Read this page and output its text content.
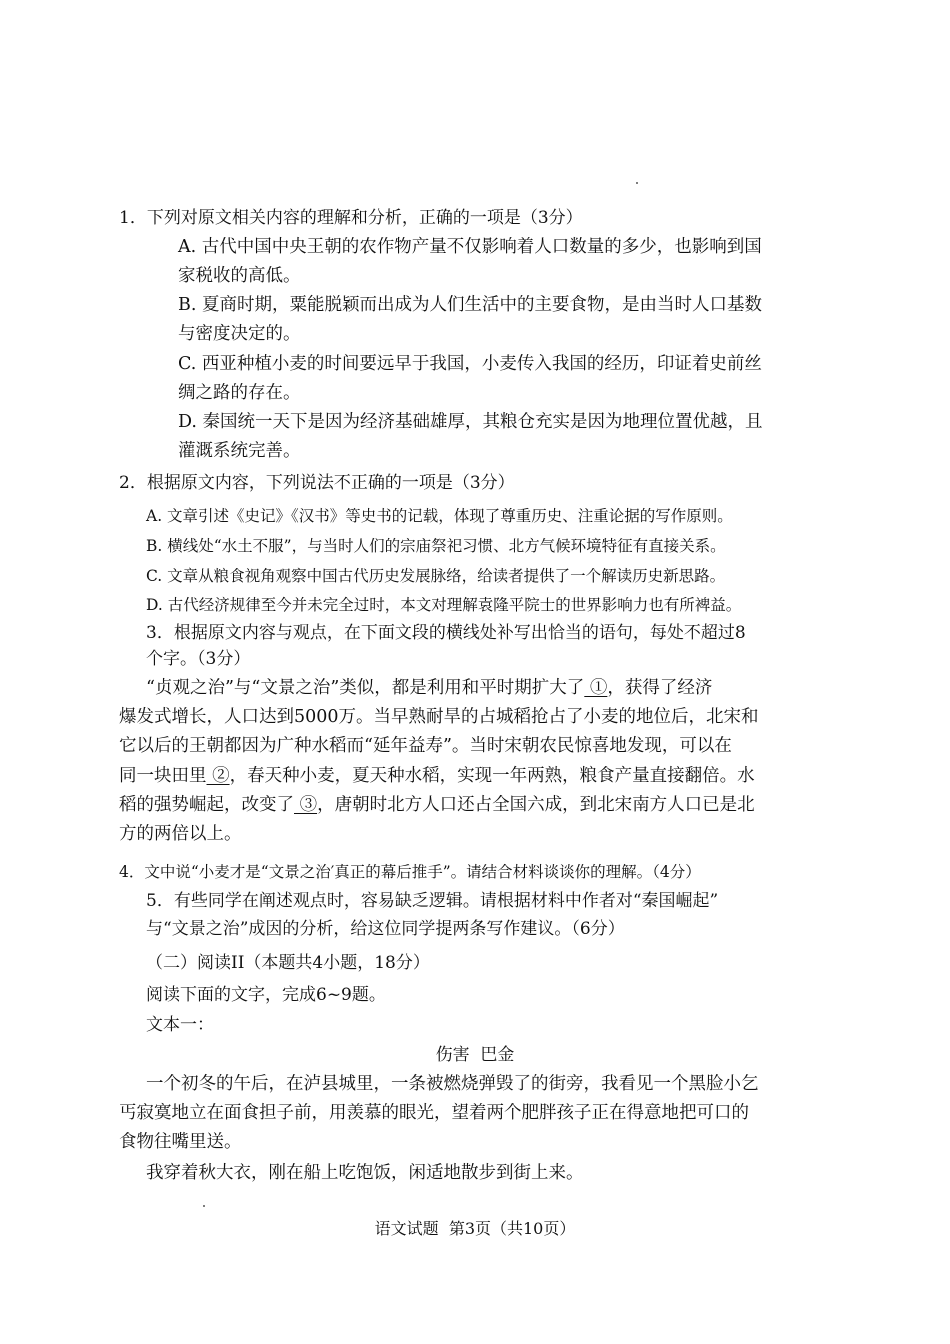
1．下列对原文相关内容的理解和分析，正确的一项是（3分）
A. 古代中国中央王朝的农作物产量不仅影响着人口数量的多少，也影响到国
家税收的高低。
B. 夏商时期，粟能脱颖而出成为人们生活中的主要食物，是由当时人口基数
与密度决定的。
C. 西亚种植小麦的时间要远早于我国，小麦传入我国的经历，印证着史前丝
绸之路的存在。
D. 秦国统一天下是因为经济基础雄厚，其粮仓充实是因为地理位置优越，且
灌溉系统完善。
2．根据原文内容，下列说法不正确的一项是（3分）
A. 文章引述《史记》《汉书》等史书的记载，体现了尊重历史、注重论据的写作原则。
B. 横线处“水土不服”，与当时人们的宗庙祭祀习惯、北方气候环境特征有直接关系。
C. 文章从粮食视角观察中国古代历史发展脉络，给读者提供了一个解读历史新思路。
D. 古代经济规律至今并未完全过时，本文对理解袁隆平院士的世界影响力也有所裨益。
3．根据原文内容与观点，在下面文段的横线处补写出恰当的语句，每处不超过8
个字。（3分）
“贞观之治”与“文景之治”类似，都是利用和平时期扩大了 ①，获得了经济
爆发式增长，人口达到5000万。当早熟耐旱的占城稻抢占了小麦的地位后，北宋和
它以后的王朝都因为广种水稻而“延年益寿”。当时宋朝农民惊喜地发现，可以在
同一块田里 ②，春天种小麦，夏天种水稻，实现一年两熟，粮食产量直接翻倍。水
稻的强势崛起，改变了 ③，唐朝时北方人口还占全国六成，到北宋南方人口已是北
方的两倍以上。
4．文中说“小麦才是“文景之治′真正的幕后推手”。请结合材料谈谈你的理解。（4分）
5．有些同学在阐述观点时，容易缺乏逻辑。请根据材料中作者对“秦国崛起”
与“文景之治”成因的分析，给这位同学提两条写作建议。（6分）
（二）阅读II（本题共4小题，18分）
阅读下面的文字，完成6~9题。
文本一：
伤害  巴金
一个初冬的午后，在泸县城里，一条被燃烧弹毁了的街旁，我看见一个黑脸小乞
丐寂寞地立在面食担子前，用羡慕的眼光，望着两个肥胖孩子正在得意地把可口的
食物往嘴里送。
我穿着秋大衣，刚在船上吃饱饭，闲适地散步到街上来。
语文试题  第3页（共10页）
